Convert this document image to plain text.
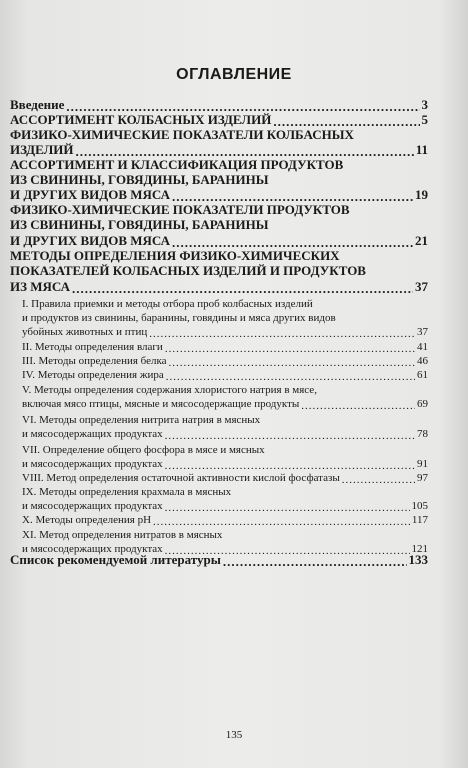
ОГЛАВЛЕНИЕ
Введение .....	3
АССОРТИМЕНТ КОЛБАСНЫХ ИЗДЕЛИЙ .....	5
ФИЗИКО-ХИМИЧЕСКИЕ ПОКАЗАТЕЛИ КОЛБАСНЫХ
ИЗДЕЛИЙ .....	11
АССОРТИМЕНТ И КЛАССИФИКАЦИЯ ПРОДУКТОВ
ИЗ СВИНИНЫ, ГОВЯДИНЫ, БАРАНИНЫ
И ДРУГИХ ВИДОВ МЯСА .....	19
ФИЗИКО-ХИМИЧЕСКИЕ ПОКАЗАТЕЛИ ПРОДУКТОВ
ИЗ СВИНИНЫ, ГОВЯДИНЫ, БАРАНИНЫ
И ДРУГИХ ВИДОВ МЯСА .....	21
МЕТОДЫ ОПРЕДЕЛЕНИЯ ФИЗИКО-ХИМИЧЕСКИХ
ПОКАЗАТЕЛЕЙ КОЛБАСНЫХ ИЗДЕЛИЙ И ПРОДУКТОВ
ИЗ МЯСА .....	37
I. Правила приемки и методы отбора проб колбасных изделий
и продуктов из свинины, баранины, говядины и мяса других видов
убойных животных и птиц .....	37
II. Методы определения влаги .....	41
III. Методы определения белка .....	46
IV. Методы определения жира .....	61
V. Методы определения содержания хлористого натрия в мясе,
включая мясо птицы, мясные и мясосодержащие продукты .....	69
VI. Методы определения нитрита натрия в мясных
и мясосодержащих продуктах .....	78
VII. Определение общего фосфора в мясе и мясных
и мясосодержащих продуктах .....	91
VIII. Метод определения остаточной активности кислой фосфатазы .....	97
IX. Методы определения крахмала в мясных
и мясосодержащих продуктах .....	105
X. Методы определения pH .....	117
XI. Метод определения нитратов в мясных
и мясосодержащих продуктах .....	121
Список рекомендуемой литературы .....	133
135
